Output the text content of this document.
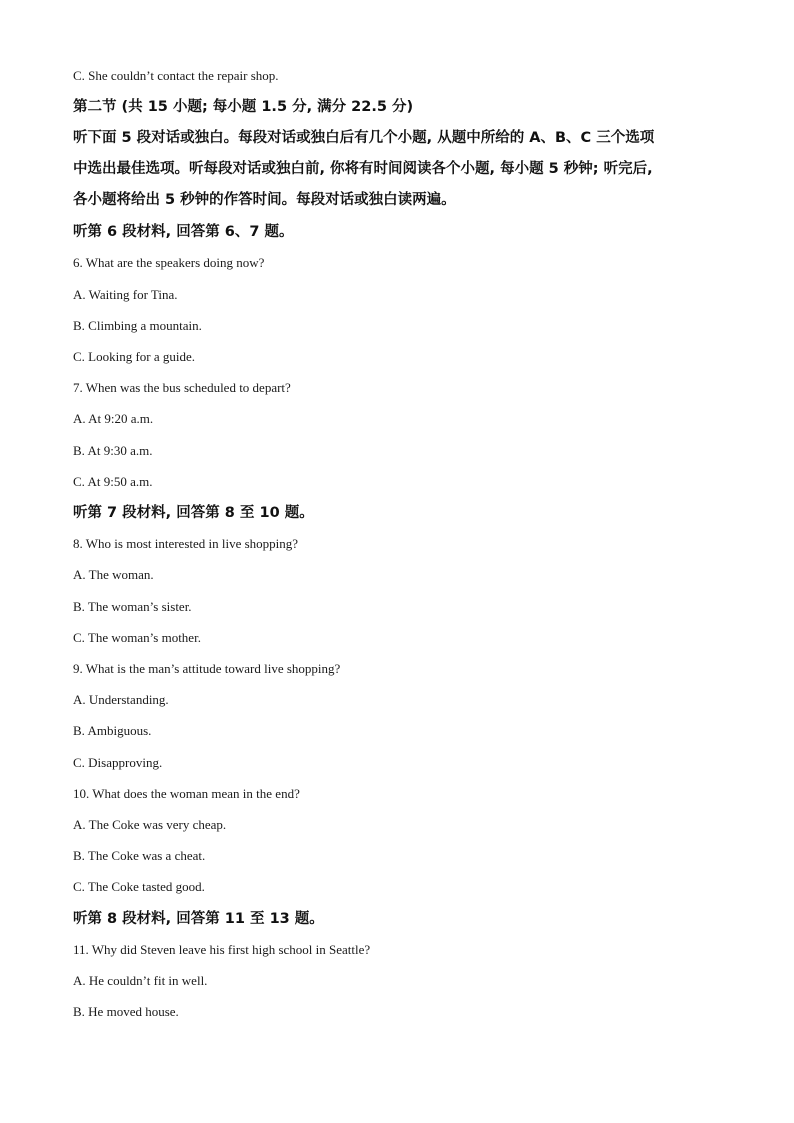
C. She couldn’t contact the repair shop.

第二节 (共 15 小题; 每小题 1.5 分, 满分 22.5 分)

听下面 5 段对话或独白。每段对话或独白后有几个小题, 从题中所给的 A、B、C 三个选项

中选出最佳选项。听每段对话或独白前, 你将有时间阅读各个小题, 每小题 5 秒钟; 听完后,

各小题将给出 5 秒钟的作答时间。每段对话或独白读两遍。

听第 6 段材料, 回答第 6、7 题。

6. What are the speakers doing now?

A. Waiting for Tina.

B. Climbing a mountain.

C. Looking for a guide.

7. When was the bus scheduled to depart?

A. At 9:20 a.m.

B. At 9:30 a.m.

C. At 9:50 a.m.

听第 7 段材料, 回答第 8 至 10 题。

8. Who is most interested in live shopping?

A. The woman.

B. The woman’s sister.

C. The woman’s mother.

9. What is the man’s attitude toward live shopping?

A. Understanding.

B. Ambiguous.

C. Disapproving.

10. What does the woman mean in the end?

A. The Coke was very cheap.

B. The Coke was a cheat.

C. The Coke tasted good.

听第 8 段材料, 回答第 11 至 13 题。

11. Why did Steven leave his first high school in Seattle?

A. He couldn’t fit in well.

B. He moved house.
